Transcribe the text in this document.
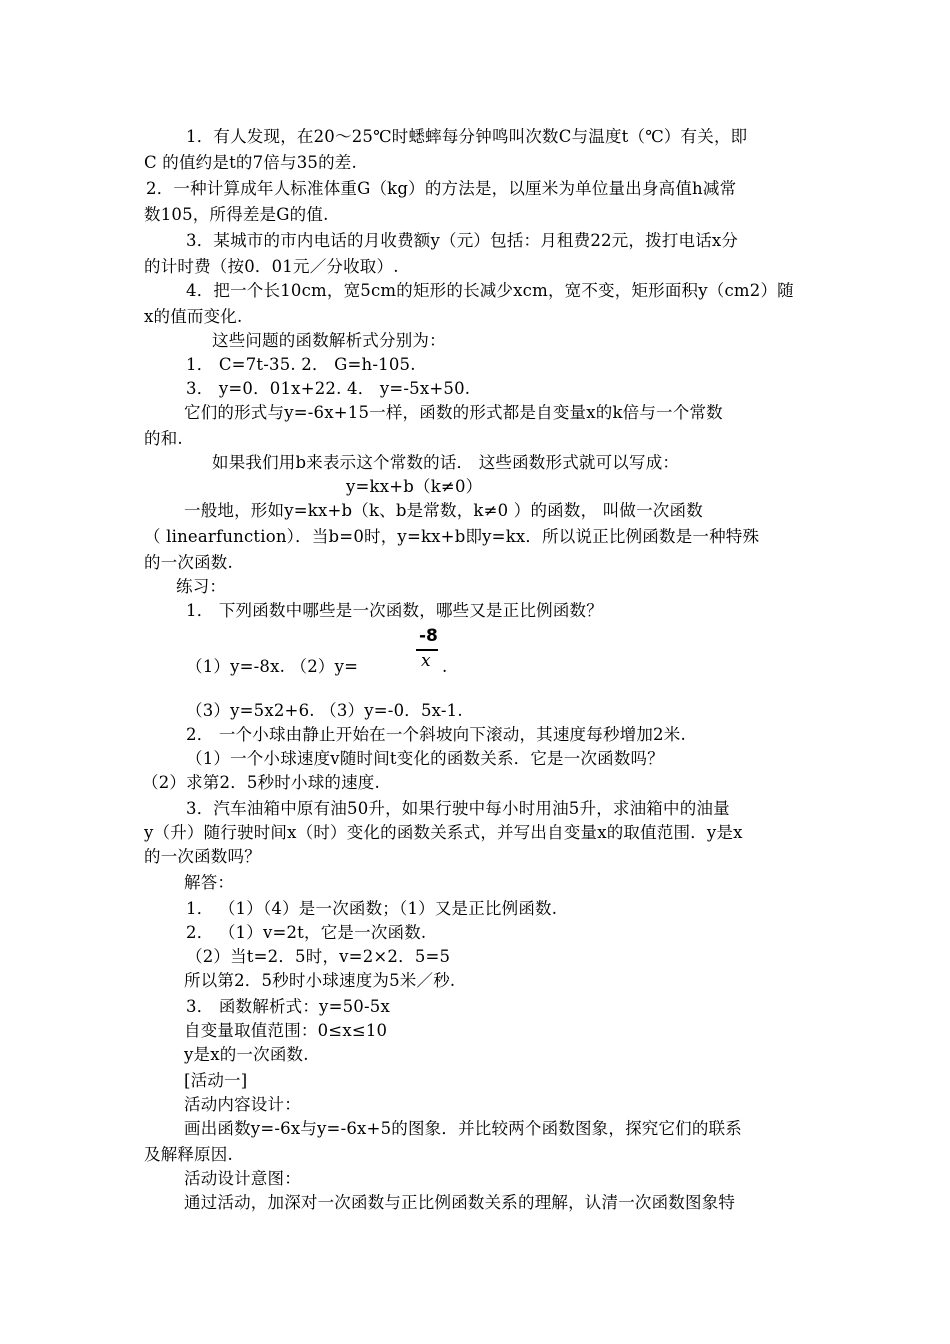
1．有人发现，在20～25℃时蟋蟀每分钟鸣叫次数C与温度t（℃）有关，即
C 的值约是t的7倍与35的差.
2．一种计算成年人标准体重G（kg）的方法是，以厘米为单位量出身高值h减常
数105，所得差是G的值.
3．某城市的市内电话的月收费额y（元）包括：月租费22元，拨打电话x分
的计时费（按0．01元／分收取）.
4．把一个长10cm，宽5cm的矩形的长减少xcm，宽不变，矩形面积y（cm2）随
x的值而变化.
这些问题的函数解析式分别为：
1． C=7t-35. 2． G=h-105.
3． y=0．01x+22. 4． y=-5x+50.
它们的形式与y=-6x+15一样，函数的形式都是自变量x的k倍与一个常数
的和.
如果我们用b来表示这个常数的话． 这些函数形式就可以写成：
y=kx+b（k≠0）
一般地，形如y=kx+b（k、b是常数，k≠0 ）的函数， 叫做一次函数
（ linearfunction）．当b=0时，y=kx+b即y=kx．所以说正比例函数是一种特殊
的一次函数.
练习：
1． 下列函数中哪些是一次函数，哪些又是正比例函数？
（1）y=-8x. （2）y=
-8
x .
（3）y=5x2+6. （3）y=-0．5x-1.
2． 一个小球由静止开始在一个斜坡向下滚动，其速度每秒增加2米.
（1）一个小球速度v随时间t变化的函数关系．它是一次函数吗？
（2）求第2．5秒时小球的速度.
3．汽车油箱中原有油50升，如果行驶中每小时用油5升，求油箱中的油量
y（升）随行驶时间x（时）变化的函数关系式，并写出自变量x的取值范围．y是x
的一次函数吗？
解答：
1． （1）（4）是一次函数；（1）又是正比例函数.
2． （1）v=2t，它是一次函数.
（2）当t=2．5时，v=2×2．5=5
所以第2．5秒时小球速度为5米／秒.
3． 函数解析式：y=50-5x
自变量取值范围：0≤x≤10
y是x的一次函数.
[活动一]
活动内容设计：
画出函数y=-6x与y=-6x+5的图象．并比较两个函数图象，探究它们的联系
及解释原因.
活动设计意图：
通过活动，加深对一次函数与正比例函数关系的理解，认清一次函数图象特
